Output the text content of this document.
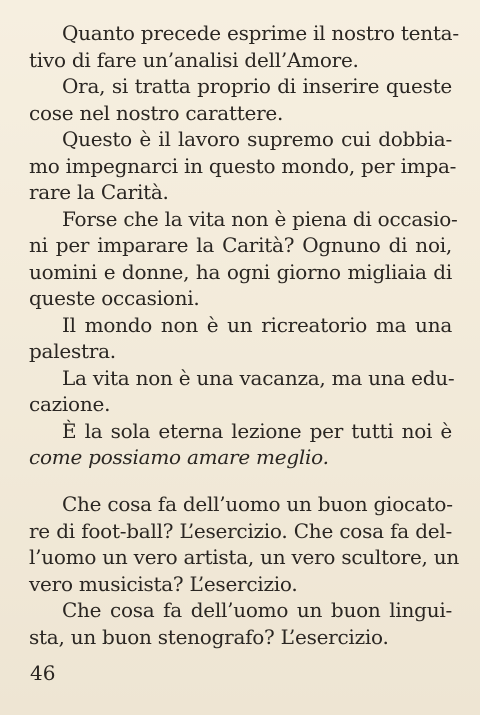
Quanto precede esprime il nostro tenta-
tivo di fare un’analisi dell’Amore.
Ora, si tratta proprio di inserire queste
cose nel nostro carattere.
Questo è il lavoro supremo cui dobbia-
mo impegnarci in questo mondo, per impa-
rare la Carità.
Forse che la vita non è piena di occasio-
ni per imparare la Carità? Ognuno di noi,
uomini e donne, ha ogni giorno migliaia di
queste occasioni.
Il mondo non è un ricreatorio ma una
palestra.
La vita non è una vacanza, ma una edu-
cazione.
È la sola eterna lezione per tutti noi è
come possiamo amare meglio.
Che cosa fa dell’uomo un buon giocato-
re di foot-ball? L’esercizio. Che cosa fa del-
l’uomo un vero artista, un vero scultore, un
vero musicista? L’esercizio.
Che cosa fa dell’uomo un buon lingui-
sta, un buon stenografo? L’esercizio.
46
